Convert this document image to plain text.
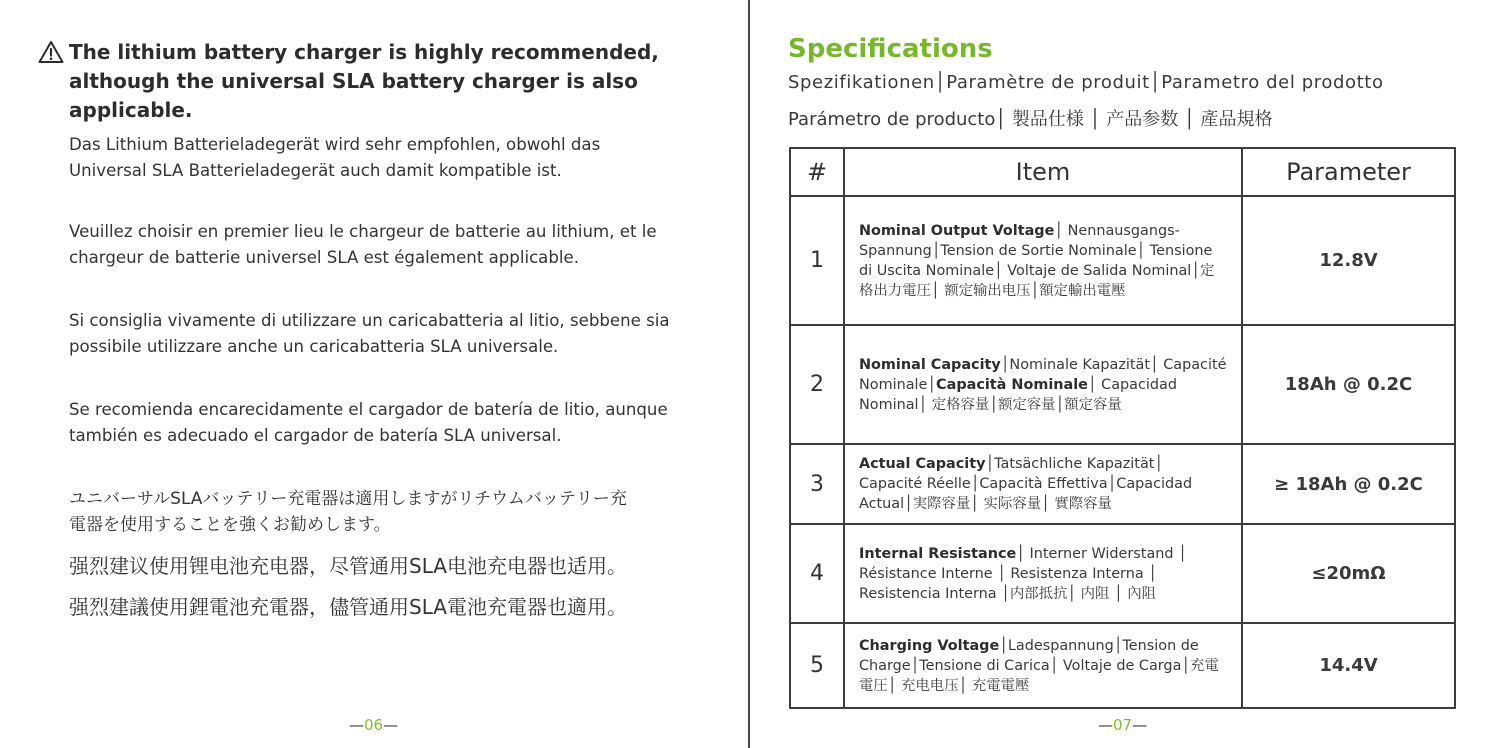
The lithium battery charger is highly recommended, although the universal SLA battery charger is also applicable.
Das Lithium Batterieladegerät wird sehr empfohlen, obwohl das Universal SLA Batterieladegerät auch damit kompatible ist.
Veuillez choisir en premier lieu le chargeur de batterie au lithium, et le chargeur de batterie universel SLA est également applicable.
Si consiglia vivamente di utilizzare un caricabatteria al litio, sebbene sia possibile utilizzare anche un caricabatteria SLA universale.
Se recomienda encarecidamente el cargador de batería de litio, aunque también es adecuado el cargador de batería SLA universal.
ユニバーサルSLAバッテリー充電器は適用しますがリチウムバッテリー充電器を使用することを強くお勧めします。
强烈建议使用锂电池充电器，尽管通用SLA电池充电器也适用。
强烈建議使用鋰電池充電器，儘管通用SLA電池充電器也適用。
—06—
Specifications
Spezifikationen│Paramètre de produit│Parametro del prodotto
Parámetro de producto│ 製品仕様 │ 产品参数 │ 產品規格
#	Item	Parameter
1	Nominal Output Voltage│ Nennausgangs-Spannung│Tension de Sortie Nominale│ Tensione di Uscita Nominale│ Voltaje de Salida Nominal│定格出力電圧│ 额定输出电压│額定輸出電壓	12.8V
2	Nominal Capacity│Nominale Kapazität│ Capacité Nominale│Capacità Nominale│ Capacidad Nominal│ 定格容量│额定容量│額定容量	18Ah @ 0.2C
3	Actual Capacity│Tatsächliche Kapazität│ Capacité Réelle│Capacità Effettiva│Capacidad Actual│実際容量│ 实际容量│ 實際容量	≥ 18Ah @ 0.2C
4	Internal Resistance│ Interner Widerstand │ Résistance Interne │ Resistenza Interna │ Resistencia Interna │内部抵抗│ 内阻 │ 內阻	≤20mΩ
5	Charging Voltage│Ladespannung│Tension de Charge│Tensione di Carica│ Voltaje de Carga│充電電圧│ 充电电压│ 充電電壓	14.4V
—07—
